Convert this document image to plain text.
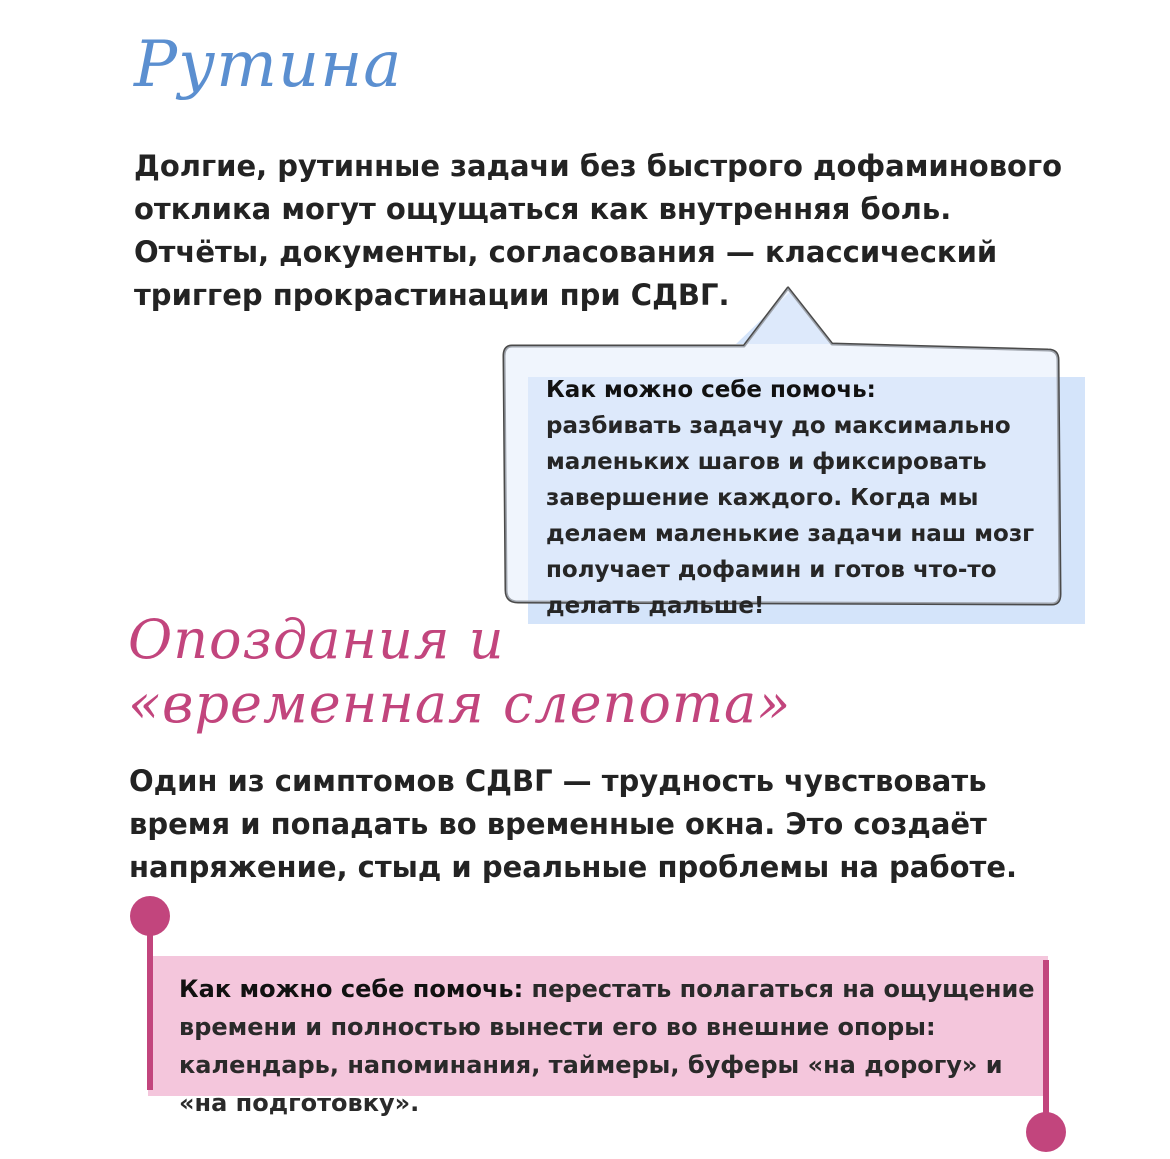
Рутина

Долгие, рутинные задачи без быстрого дофаминового отклика могут ощущаться как внутренняя боль. Отчёты, документы, согласования — классический триггер прокрастинации при СДВГ.

Как можно себе помочь:
разбивать задачу до максимально маленьких шагов и фиксировать завершение каждого. Когда мы делаем маленькие задачи наш мозг получает дофамин и готов что-то делать дальше!
Опоздания и
«временная слепота»

Один из симптомов СДВГ — трудность чувствовать время и попадать во временные окна. Это создаёт напряжение, стыд и реальные проблемы на работе.

Как можно себе помочь: перестать полагаться на ощущение времени и полностью вынести его во внешние опоры: календарь, напоминания, таймеры, буферы «на дорогу» и «на подготовку».
